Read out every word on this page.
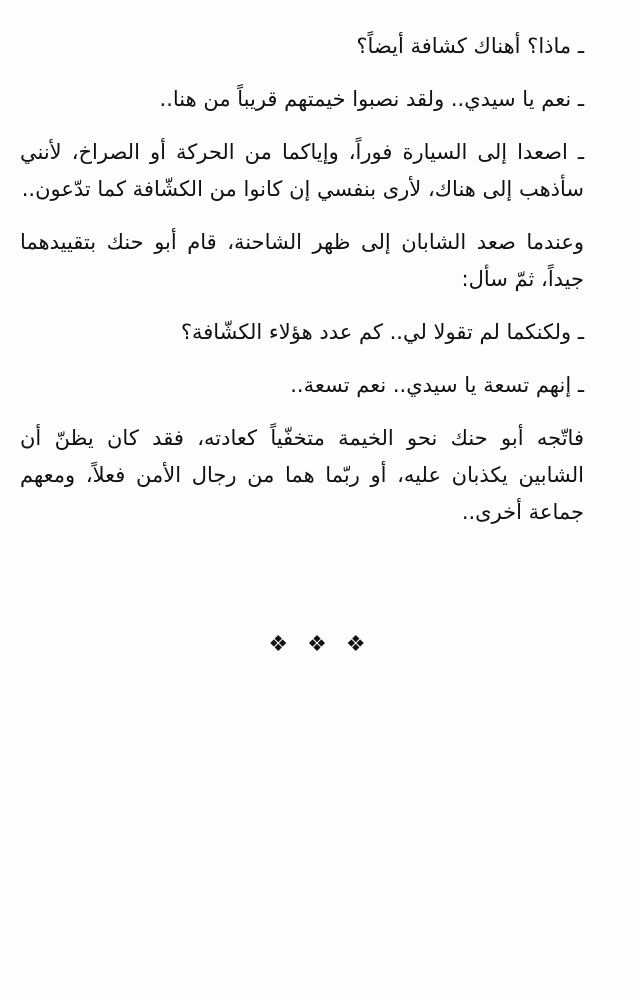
ـ ماذا؟ أهناك كشافة أيضاً؟

ـ نعم يا سيدي.. ولقد نصبوا خيمتهم قريباً من هنا..

ـ اصعدا إلى السيارة فوراً، وإياكما من الحركة أو الصراخ، لأنني سأذهب إلى هناك، لأرى بنفسي إن كانوا من الكشّافة كما تدّعون..

وعندما صعد الشابان إلى ظهر الشاحنة، قام أبو حنك بتقييدهما جيداً، ثمّ سأل:

ـ ولكنكما لم تقولا لي.. كم عدد هؤلاء الكشّافة؟

ـ إنهم تسعة يا سيدي.. نعم تسعة..

فاتّجه أبو حنك نحو الخيمة متخفّياً كعادته، فقد كان يظنّ أن الشابين يكذبان عليه، أو ربّما هما من رجال الأمن فعلاً، ومعهم جماعة أخرى..

❖ ❖ ❖
